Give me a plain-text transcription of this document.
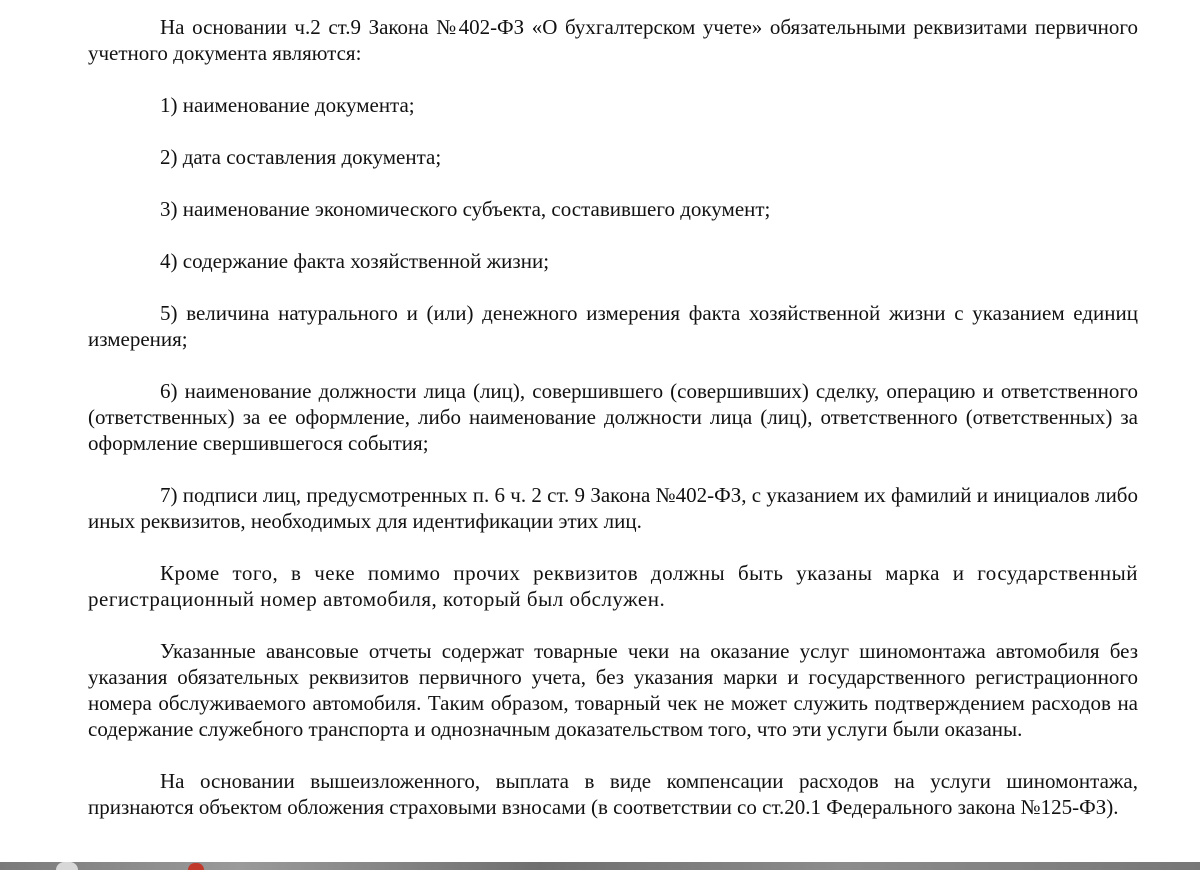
На основании ч.2 ст.9 Закона №402-ФЗ «О бухгалтерском учете» обязательными реквизитами первичного учетного документа являются:

1) наименование документа;

2) дата составления документа;

3) наименование экономического субъекта, составившего документ;

4) содержание факта хозяйственной жизни;

5) величина натурального и (или) денежного измерения факта хозяйственной жизни с указанием единиц измерения;

6) наименование должности лица (лиц), совершившего (совершивших) сделку, операцию и ответственного (ответственных) за ее оформление, либо наименование должности лица (лиц), ответственного (ответственных) за оформление свершившегося события;

7) подписи лиц, предусмотренных п. 6 ч. 2 ст. 9 Закона №402-ФЗ, с указанием их фамилий и инициалов либо иных реквизитов, необходимых для идентификации этих лиц.

Кроме того, в чеке помимо прочих реквизитов должны быть указаны марка и государственный регистрационный номер автомобиля, который был обслужен.

Указанные авансовые отчеты содержат товарные чеки на оказание услуг шиномонтажа автомобиля без указания обязательных реквизитов первичного учета, без указания марки и государственного регистрационного номера обслуживаемого автомобиля. Таким образом, товарный чек не может служить подтверждением расходов на содержание служебного транспорта и однозначным доказательством того, что эти услуги были оказаны.

На основании вышеизложенного, выплата в виде компенсации расходов на услуги шиномонтажа, признаются объектом обложения страховыми взносами (в соответствии со ст.20.1 Федерального закона №125-ФЗ).
